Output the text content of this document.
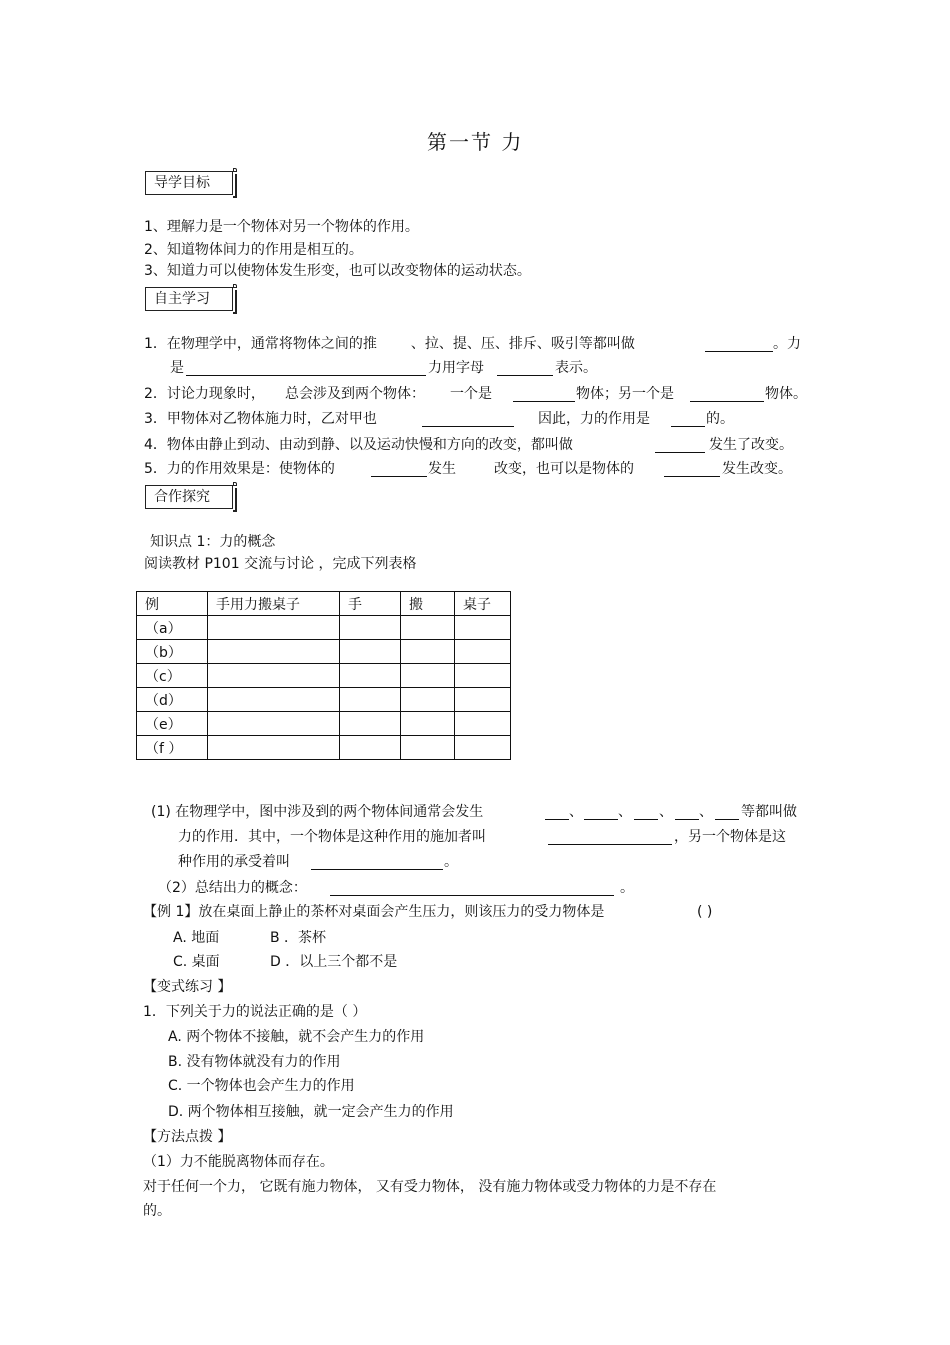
第一节 力
导学目标
1、理解力是一个物体对另一个物体的作用。
2、知道物体间力的作用是相互的。
3、知道力可以使物体发生形变，也可以改变物体的运动状态。
自主学习
1．在物理学中，通常将物体之间的推 、拉、提、压、排斥、吸引等都叫做	。力
是	力用字母	表示。
2．讨论力现象时， 总会涉及到两个物体： 一个是	物体；另一个是	物体。
3．甲物体对乙物体施力时，乙对甲也	因此，力的作用是	的。
4．物体由静止到动、由动到静、以及运动快慢和方向的改变，都叫做	发生了改变。
5．力的作用效果是：使物体的	发生	改变，也可以是物体的	发生改变。
合作探究
知识点 1：力的概念
阅读教材 P101 交流与讨论 ，完成下列表格
例	手用力搬桌子	手	搬	桌子
（a）				
（b）				
（c）				
（d）				
（e）				
（f ）				
(1) 在物理学中，图中涉及到的两个物体间通常会发生	、	、 、 、 等都叫做
力的作用．其中，一个物体是这种作用的施加者叫	，另一个物体是这
种作用的承受着叫	。
（2）总结出力的概念：	。
【例 1】放在桌面上静止的茶杯对桌面会产生压力，则该压力的受力物体是	( )
A. 地面	B ．茶杯
C. 桌面	D ．以上三个都不是
【变式练习 】
1．下列关于力的说法正确的是（ ）
A. 两个物体不接触，就不会产生力的作用
B. 没有物体就没有力的作用
C. 一个物体也会产生力的作用
D. 两个物体相互接触，就一定会产生力的作用
【方法点拨 】
（1）力不能脱离物体而存在。
对于任何一个力， 它既有施力物体， 又有受力物体， 没有施力物体或受力物体的力是不存在
的。
